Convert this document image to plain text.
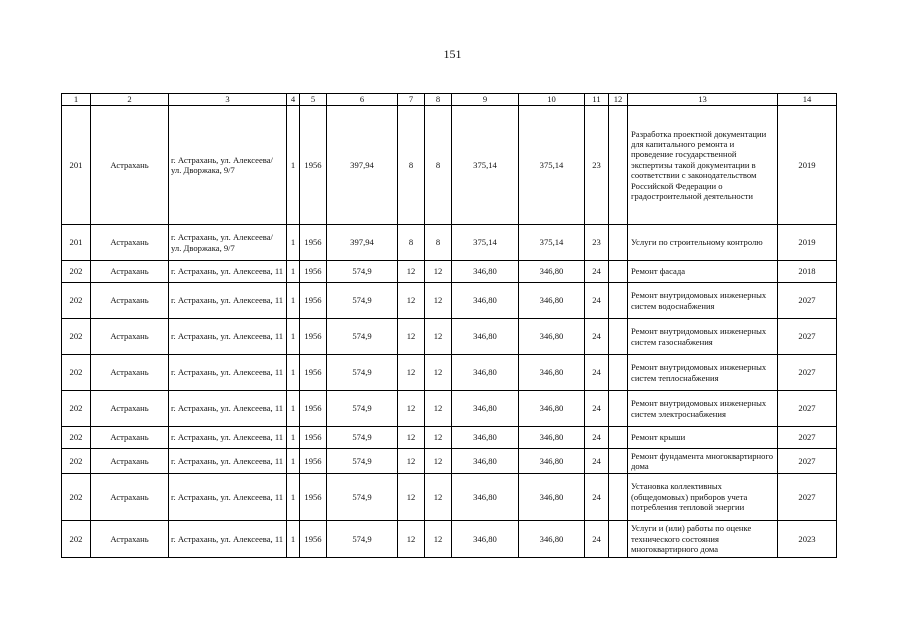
151
1	2	3	4	5	6	7	8	9	10	11	12	13	14
201	Астрахань	г. Астрахань, ул. Алексеева/ ул. Дворжака, 9/7	1	1956	397,94	8	8	375,14	375,14	23		Разработка проектной документации для капитального ремонта и проведение государственной экспертизы такой документации в соответствии с законодательством Российской Федерации о градостроительной деятельности	2019
201	Астрахань	г. Астрахань, ул. Алексеева/ ул. Дворжака, 9/7	1	1956	397,94	8	8	375,14	375,14	23		Услуги по строительному контролю	2019
202	Астрахань	г. Астрахань, ул. Алексеева, 11	1	1956	574,9	12	12	346,80	346,80	24		Ремонт фасада	2018
202	Астрахань	г. Астрахань, ул. Алексеева, 11	1	1956	574,9	12	12	346,80	346,80	24		Ремонт внутридомовых инженерных систем водоснабжения	2027
202	Астрахань	г. Астрахань, ул. Алексеева, 11	1	1956	574,9	12	12	346,80	346,80	24		Ремонт внутридомовых инженерных систем газоснабжения	2027
202	Астрахань	г. Астрахань, ул. Алексеева, 11	1	1956	574,9	12	12	346,80	346,80	24		Ремонт внутридомовых инженерных систем теплоснабжения	2027
202	Астрахань	г. Астрахань, ул. Алексеева, 11	1	1956	574,9	12	12	346,80	346,80	24		Ремонт внутридомовых инженерных систем электроснабжения	2027
202	Астрахань	г. Астрахань, ул. Алексеева, 11	1	1956	574,9	12	12	346,80	346,80	24		Ремонт крыши	2027
202	Астрахань	г. Астрахань, ул. Алексеева, 11	1	1956	574,9	12	12	346,80	346,80	24		Ремонт фундамента многоквартирного дома	2027
202	Астрахань	г. Астрахань, ул. Алексеева, 11	1	1956	574,9	12	12	346,80	346,80	24		Установка коллективных (общедомовых) приборов учета потребления тепловой энергии	2027
202	Астрахань	г. Астрахань, ул. Алексеева, 11	1	1956	574,9	12	12	346,80	346,80	24		Услуги и (или) работы по оценке технического состояния многоквартирного дома	2023
